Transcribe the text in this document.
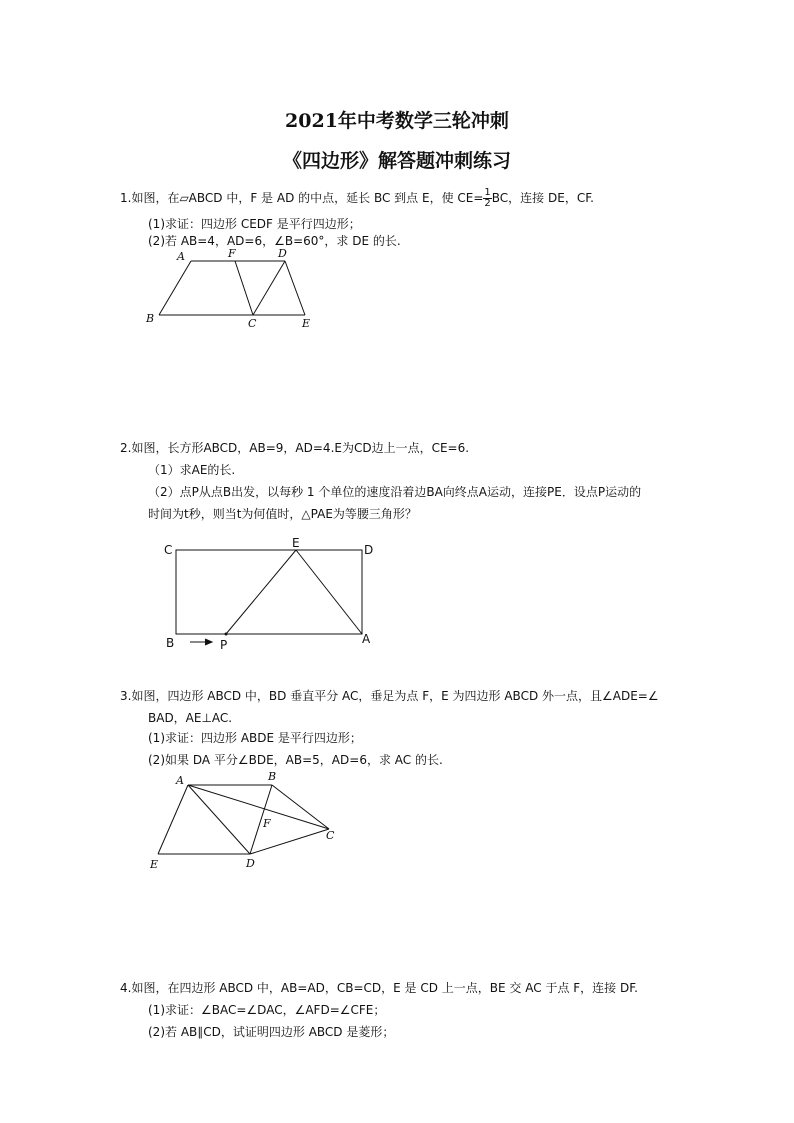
2021年中考数学三轮冲刺
《四边形》解答题冲刺练习
1.如图，在▱ABCD 中，F 是 AD 的中点，延长 BC 到点 E，使 $CE= \frac{1}{2}$ BC，连接 DE，CF.
(1)求证：四边形 CEDF 是平行四边形；
(2)若 AB=4，AD=6，∠B=60°，求 DE 的长.
A	F	D
B	C	E
2.如图，长方形ABCD，AB=9，AD=4.E为CD边上一点，CE=6.
（1）求AE的长.
（2）点P从点B出发，以每秒 1 个单位的速度沿着边BA向终点A运动，连接PE．设点P运动的
时间为t秒，则当t为何值时，△PAE为等腰三角形？
C	E	D
B	P	A
3.如图，四边形 ABCD 中，BD 垂直平分 AC，垂足为点 F，E 为四边形 ABCD 外一点，且∠ADE=∠
BAD，AE⊥AC.
(1)求证：四边形 ABDE 是平行四边形；
(2)如果 DA 平分∠BDE，AB=5，AD=6，求 AC 的长.
A	B
F
C
E	D
4.如图，在四边形 ABCD 中，AB=AD，CB=CD，E 是 CD 上一点，BE 交 AC 于点 F，连接 DF.
(1)求证：∠BAC=∠DAC，∠AFD=∠CFE；
(2)若 AB∥CD，试证明四边形 ABCD 是菱形；
